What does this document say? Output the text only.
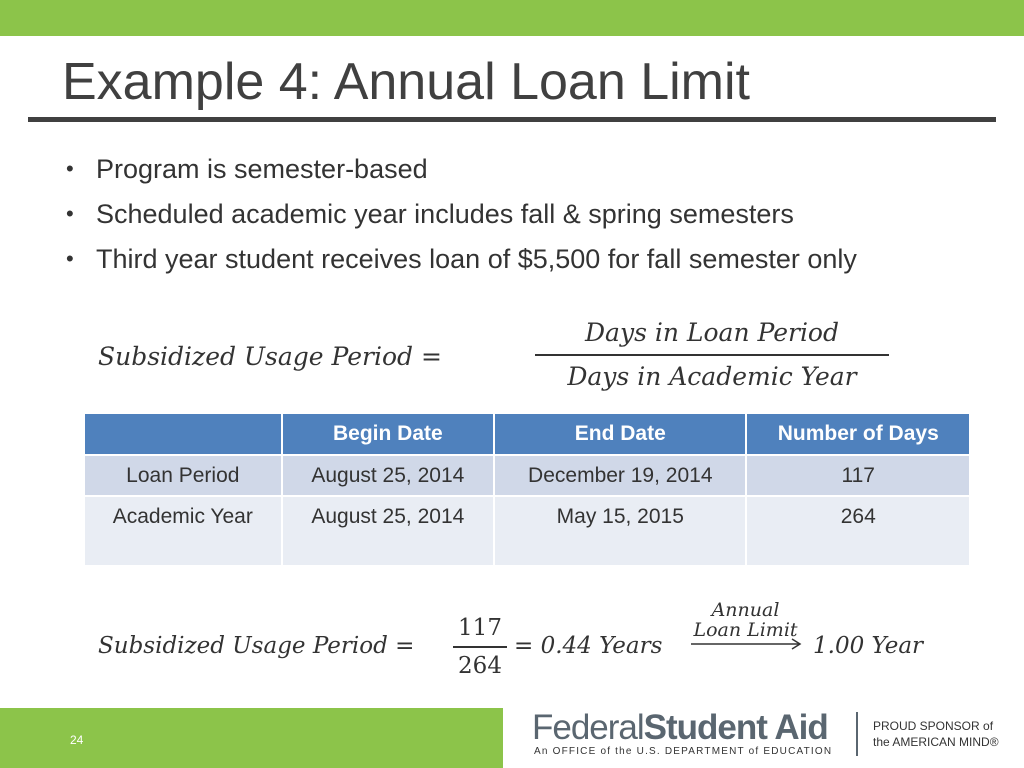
Example 4: Annual Loan Limit
• Program is semester-based
• Scheduled academic year includes fall & spring semesters
• Third year student receives loan of $5,500 for fall semester only
Subsidized Usage Period =
Days in Loan Period
Days in Academic Year
	Begin Date	End Date	Number of Days
Loan Period	August 25, 2014	December 19, 2014	117
Academic Year	August 25, 2014	May 15, 2015	264
Subsidized Usage Period =
117
264
= 0.44 Years
Annual
Loan Limit
1.00 Year
24	FederalStudent Aid
An OFFICE of the U.S. DEPARTMENT of EDUCATION
PROUD SPONSOR of
the AMERICAN MIND®
